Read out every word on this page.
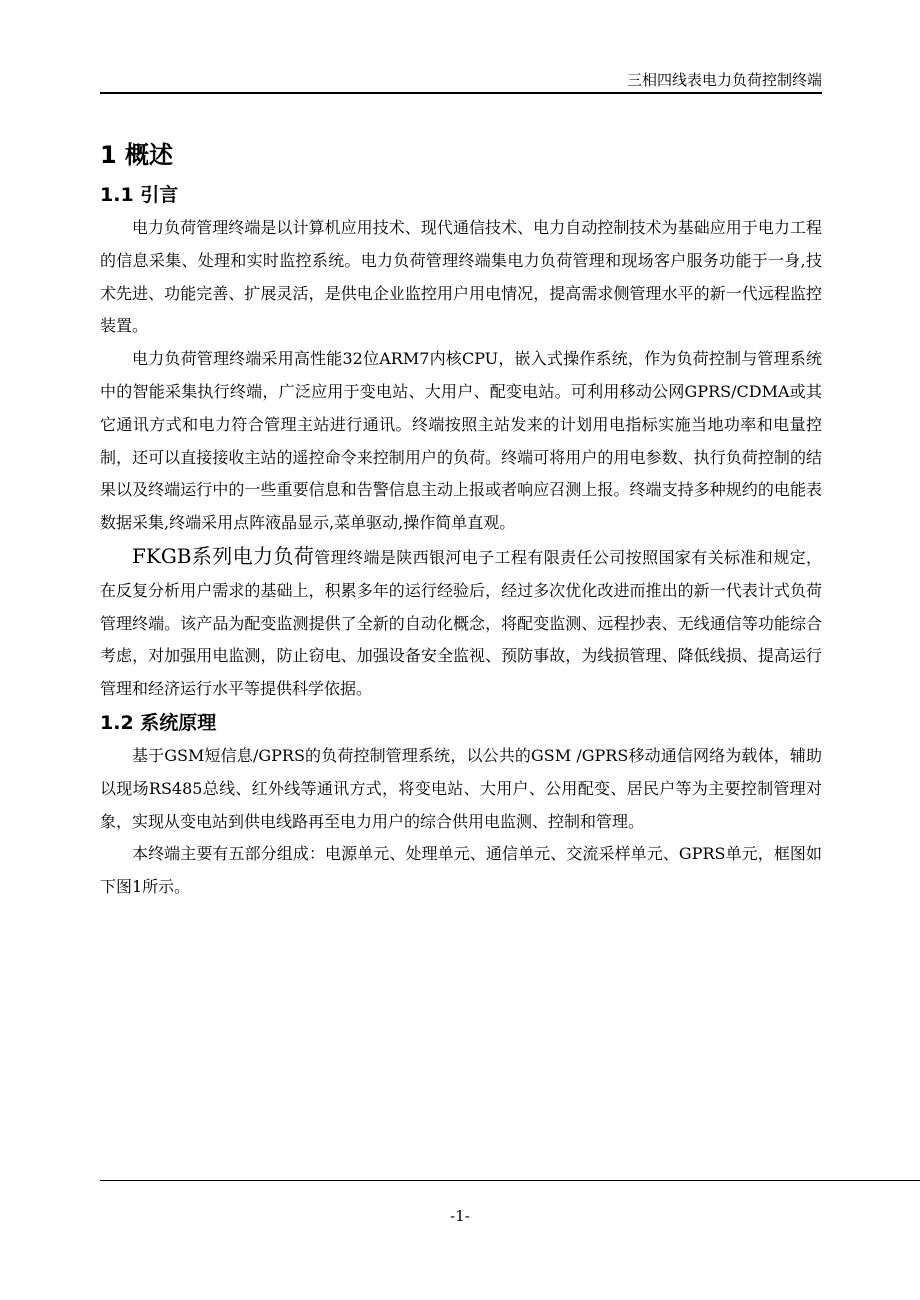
三相四线表电力负荷控制终端
1 概述
1.1 引言

电力负荷管理终端是以计算机应用技术、现代通信技术、电力自动控制技术为基础应用于电力工程的信息采集、处理和实时监控系统。电力负荷管理终端集电力负荷管理和现场客户服务功能于一身,技术先进、功能完善、扩展灵活，是供电企业监控用户用电情况，提高需求侧管理水平的新一代远程监控装置。

电力负荷管理终端采用高性能32位ARM7内核CPU，嵌入式操作系统，作为负荷控制与管理系统中的智能采集执行终端，广泛应用于变电站、大用户、配变电站。可利用移动公网GPRS/CDMA或其它通讯方式和电力符合管理主站进行通讯。终端按照主站发来的计划用电指标实施当地功率和电量控制，还可以直接接收主站的遥控命令来控制用户的负荷。终端可将用户的用电参数、执行负荷控制的结果以及终端运行中的一些重要信息和告警信息主动上报或者响应召测上报。终端支持多种规约的电能表数据采集,终端采用点阵液晶显示,菜单驱动,操作简单直观。

FKGB系列电力负荷管理终端是陕西银河电子工程有限责任公司按照国家有关标准和规定，在反复分析用户需求的基础上，积累多年的运行经验后，经过多次优化改进而推出的新一代表计式负荷管理终端。该产品为配变监测提供了全新的自动化概念，将配变监测、远程抄表、无线通信等功能综合考虑，对加强用电监测，防止窃电、加强设备安全监视、预防事故，为线损管理、降低线损、提高运行管理和经济运行水平等提供科学依据。

1.2 系统原理

基于GSM短信息/GPRS的负荷控制管理系统，以公共的GSM /GPRS移动通信网络为载体，辅助以现场RS485总线、红外线等通讯方式，将变电站、大用户、公用配变、居民户等为主要控制管理对象，实现从变电站到供电线路再至电力用户的综合供用电监测、控制和管理。

本终端主要有五部分组成：电源单元、处理单元、通信单元、交流采样单元、GPRS单元，框图如下图1所示。

-1-
